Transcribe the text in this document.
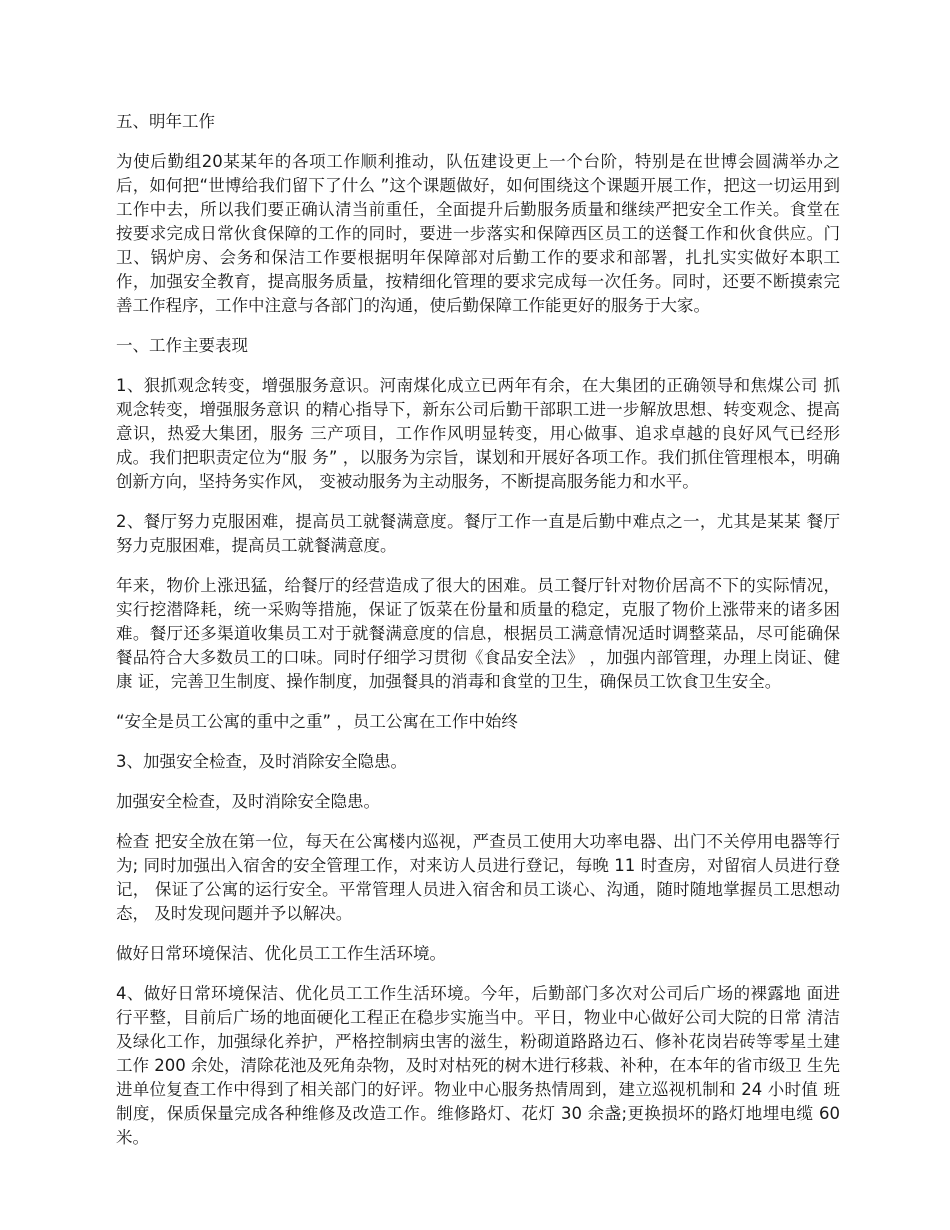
五、明年工作

为使后勤组20某某年的各项工作顺利推动，队伍建设更上一个台阶，特别是在世博会圆满举办之后，如何把“世博给我们留下了什么 ”这个课题做好，如何围绕这个课题开展工作，把这一切运用到工作中去，所以我们要正确认清当前重任，全面提升后勤服务质量和继续严把安全工作关。食堂在按要求完成日常伙食保障的工作的同时，要进一步落实和保障西区员工的送餐工作和伙食供应。门卫、锅炉房、会务和保洁工作要根据明年保障部对后勤工作的要求和部署，扎扎实实做好本职工作，加强安全教育，提高服务质量，按精细化管理的要求完成每一次任务。同时，还要不断摸索完善工作程序，工作中注意与各部门的沟通，使后勤保障工作能更好的服务于大家。

一、工作主要表现

1、狠抓观念转变，增强服务意识。河南煤化成立已两年有余，在大集团的正确领导和焦煤公司 抓观念转变，增强服务意识 的精心指导下，新东公司后勤干部职工进一步解放思想、转变观念、提高意识，热爱大集团，服务 三产项目，工作作风明显转变，用心做事、追求卓越的良好风气已经形成。我们把职责定位为“服 务” ，以服务为宗旨，谋划和开展好各项工作。我们抓住管理根本，明确创新方向，坚持务实作风， 变被动服务为主动服务，不断提高服务能力和水平。

2、餐厅努力克服困难，提高员工就餐满意度。餐厅工作一直是后勤中难点之一，尤其是某某 餐厅努力克服困难，提高员工就餐满意度。

年来，物价上涨迅猛，给餐厅的经营造成了很大的困难。员工餐厅针对物价居高不下的实际情况， 实行挖潜降耗，统一采购等措施，保证了饭菜在份量和质量的稳定，克服了物价上涨带来的诸多困 难。餐厅还多渠道收集员工对于就餐满意度的信息，根据员工满意情况适时调整菜品，尽可能确保 餐品符合大多数员工的口味。同时仔细学习贯彻《食品安全法》 ，加强内部管理，办理上岗证、健康 证，完善卫生制度、操作制度，加强餐具的消毒和食堂的卫生，确保员工饮食卫生安全。

“安全是员工公寓的重中之重” ，员工公寓在工作中始终

3、加强安全检查，及时消除安全隐患。

加强安全检查，及时消除安全隐患。

检查 把安全放在第一位，每天在公寓楼内巡视，严查员工使用大功率电器、出门不关停用电器等行为; 同时加强出入宿舍的安全管理工作，对来访人员进行登记，每晚 11 时查房，对留宿人员进行登记， 保证了公寓的运行安全。平常管理人员进入宿舍和员工谈心、沟通，随时随地掌握员工思想动态， 及时发现问题并予以解决。

做好日常环境保洁、优化员工工作生活环境。

4、做好日常环境保洁、优化员工工作生活环境。今年，后勤部门多次对公司后广场的裸露地 面进行平整，目前后广场的地面硬化工程正在稳步实施当中。平日，物业中心做好公司大院的日常 清洁及绿化工作，加强绿化养护，严格控制病虫害的滋生，粉砌道路路边石、修补花岗岩砖等零星土建工作 200 余处，清除花池及死角杂物，及时对枯死的树木进行移栽、补种，在本年的省市级卫 生先进单位复查工作中得到了相关部门的好评。物业中心服务热情周到，建立巡视机制和 24 小时值 班制度，保质保量完成各种维修及改造工作。维修路灯、花灯 30 余盏;更换损坏的路灯地埋电缆 60 米。
